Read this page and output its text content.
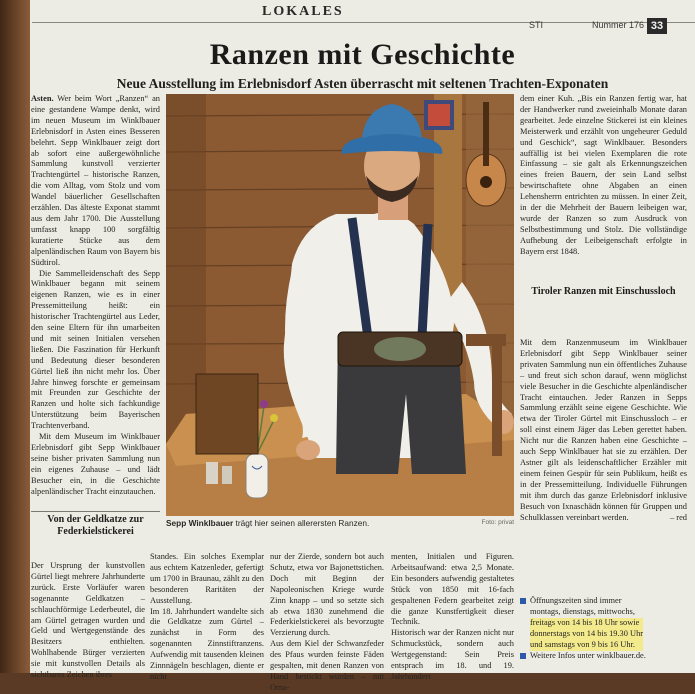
LOKALES
STI	Nummer 176 33
Ranzen mit Geschichte
Neue Ausstellung im Erlebnisdorf Asten überrascht mit seltenen Trachten-Exponaten
Asten. Wer beim Wort „Ranzen“ an eine gestandene Wampe denkt, wird im neuen Museum im Winklbauer Erlebnisdorf in Asten eines Besseren belehrt. Sepp Winklbauer zeigt dort ab sofort eine außergewöhnliche Sammlung kunstvoll verzierter Trachtengürtel – historische Ranzen, die vom Alltag, vom Stolz und vom Wandel bäuerlicher Gesellschaften erzählen. Das älteste Exponat stammt aus dem Jahr 1700. Die Ausstellung umfasst knapp 100 sorgfältig kuratierte Stücke aus dem alpenländischen Raum von Bayern bis Südtirol.
Die Sammelleidenschaft des Sepp Winklbauer begann mit seinem eigenen Ranzen, wie es in einer Pressemitteilung heißt: ein historischer Trachtengürtel aus Leder, den seine Eltern für ihn umarbeiten und mit seinen Initialen versehen ließen. Die Faszination für Herkunft und Bedeutung dieser besonderen Gürtel ließ ihn nicht mehr los. Über Jahre hinweg forschte er gemeinsam mit Freunden zur Geschichte der Ranzen und holte sich fachkundige Unterstützung beim Bayerischen Trachtenverband.
Mit dem Museum im Winklbauer Erlebnisdorf gibt Sepp Winklbauer seine bisher privaten Sammlung nun ein eigenes Zuhause – und lädt Besucher ein, in die Geschichte alpenländischer Tracht einzutauchen.
Von der Geldkatze zur Federkielstickerei
Sepp Winklbauer trägt hier seinen allerersten Ranzen.	Foto: privat
dem einer Kuh. „Bis ein Ranzen fertig war, hat der Handwerker rund zweieinhalb Monate daran gearbeitet. Jede einzelne Stickerei ist ein kleines Meisterwerk und erzählt von ungeheurer Geduld und Geschick“, sagt Winklbauer. Besonders auffällig ist bei vielen Exemplaren die rote Einfassung – sie galt als Erkennungszeichen eines freien Bauern, der sein Land selbst bewirtschaftete ohne Abgaben an einen Lehensherrn entrichten zu müssen. In einer Zeit, in der die Mehrheit der Bauern leibeigen war, wurde der Ranzen so zum Ausdruck von Selbstbestimmung und Stolz. Die vollständige Aufhebung der Leibeigenschaft erfolgte in Bayern erst 1848.
Tiroler Ranzen mit Einschussloch
Mit dem Ranzenmuseum im Winklbauer Erlebnisdorf gibt Sepp Winklbauer seiner privaten Sammlung nun ein öffentliches Zuhause – und freut sich schon darauf, wenn möglichst viele Besucher in die Geschichte alpenländischer Tracht eintauchen. Jeder Ranzen in Sepps Sammlung erzählt seine eigene Geschichte. Wie etwa der Tiroler Gürtel mit Einschussloch – er soll einst einem Jäger das Leben gerettet haben. Nicht nur die Ranzen haben eine Geschichte – auch Sepp Winklbauer hat sie zu erzählen. Der Astner gilt als leidenschaftlicher Erzähler mit einem feinen Gespür für sein Publikum, heißt es in der Pressemitteilung. Individuelle Führungen mit ihm durch das ganze Erlebnisdorf inklusive Besuch von Ixnaschädn können für Gruppen und Schulklassen vereinbart werden.	– red
Der Ursprung der kunstvollen Gürtel liegt mehrere Jahrhunderte zurück. Erste Vorläufer waren sogenannte Geldkatzen – schlauchförmige Lederbeutel, die am Gürtel getragen wurden und Geld und Wertgegenstände des Besitzers enthielten. Wohlhabende Bürger verzierten sie mit kunstvollen Details als sichtbares Zeichen ihres
Standes. Ein solches Exemplar aus echtem Katzenleder, gefertigt um 1700 in Braunau, zählt zu den besonderen Raritäten der Ausstellung.
Im 18. Jahrhundert wandelte sich die Geldkatze zum Gürtel – zunächst in Form des sogenannten Zinnstiftranzens. Aufwendig mit tausenden kleinen Zinnnägeln beschlagen, diente er nicht
nur der Zierde, sondern bot auch Schutz, etwa vor Bajonettstichen. Doch mit Beginn der Napoleonischen Kriege wurde Zinn knapp – und so setzte sich ab etwa 1830 zunehmend die Federkielstickerei als bevorzugte Verzierung durch.
Aus dem Kiel der Schwanzfeder des Pfaus wurden feinste Fäden gespalten, mit denen Ranzen von Hand bestickt wurden – mit Orna-
menten, Initialen und Figuren. Arbeitsaufwand: etwa 2,5 Monate. Ein besonders aufwendig gestaltetes Stück von 1850 mit 16-fach gespaltenen Federn gearbeitet zeigt die ganze Kunstfertigkeit dieser Technik.
Historisch war der Ranzen nicht nur Schmuckstück, sondern auch Wertgegenstand: Sein Preis entsprach im 18. und 19. Jahrhundert
Öffnungszeiten sind immer
montags, dienstags, mittwochs,
freitags von 14 bis 18 Uhr sowie
donnerstags von 14 bis 19.30 Uhr
und samstags von 9 bis 16 Uhr.
Weitere Infos unter winklbauer.de.
